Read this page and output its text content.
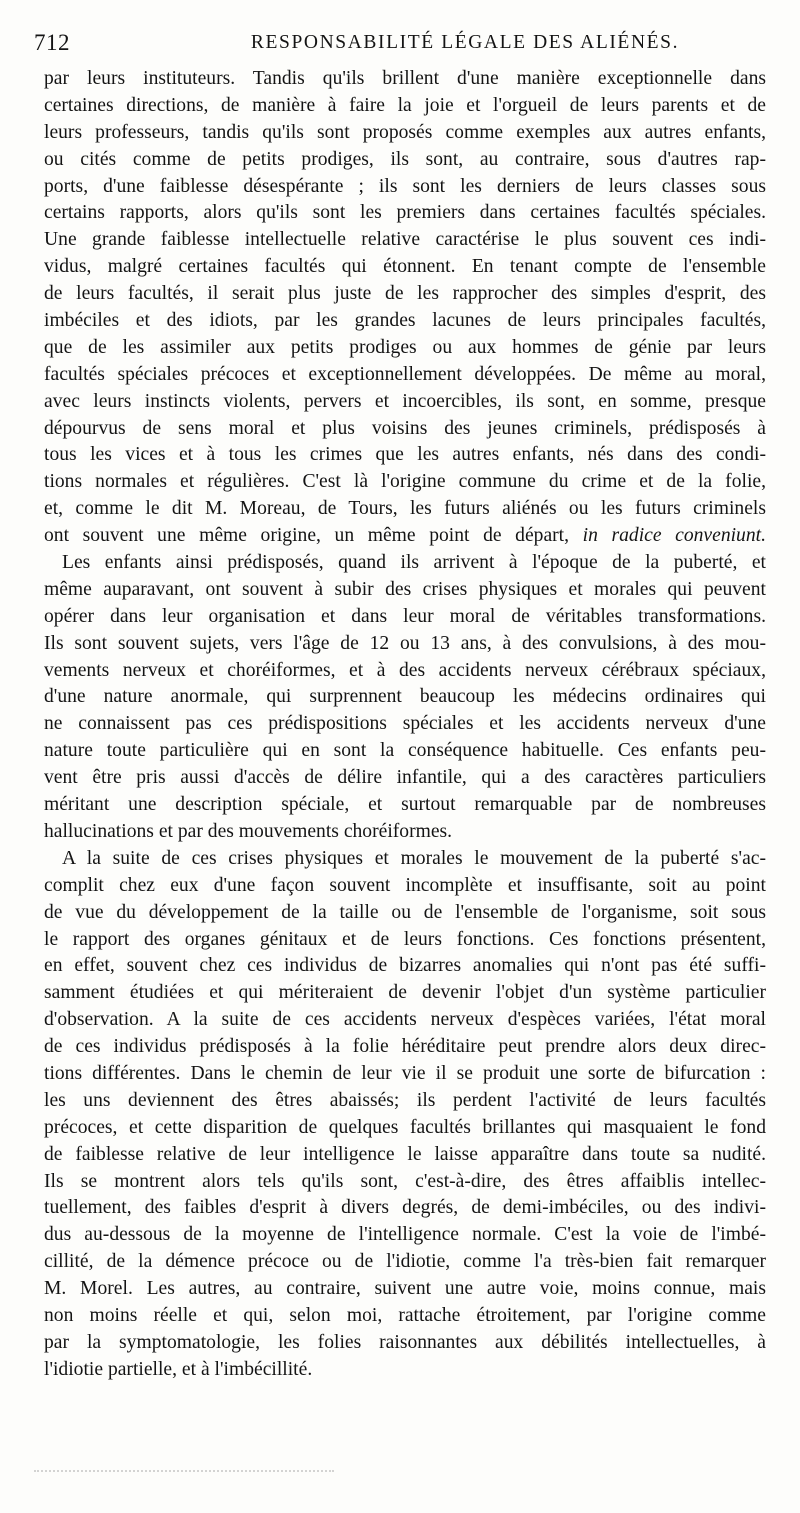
712	RESPONSABILITÉ LÉGALE DES ALIÉNÉS.
par leurs instituteurs. Tandis qu'ils brillent d'une manière exceptionnelle dans
certaines directions, de manière à faire la joie et l'orgueil de leurs parents et de
leurs professeurs, tandis qu'ils sont proposés comme exemples aux autres enfants,
ou cités comme de petits prodiges, ils sont, au contraire, sous d'autres rap-
ports, d'une faiblesse désespérante ; ils sont les derniers de leurs classes sous
certains rapports, alors qu'ils sont les premiers dans certaines facultés spéciales.
Une grande faiblesse intellectuelle relative caractérise le plus souvent ces indi-
vidus, malgré certaines facultés qui étonnent. En tenant compte de l'ensemble
de leurs facultés, il serait plus juste de les rapprocher des simples d'esprit, des
imbéciles et des idiots, par les grandes lacunes de leurs principales facultés,
que de les assimiler aux petits prodiges ou aux hommes de génie par leurs
facultés spéciales précoces et exceptionnellement développées. De même au moral,
avec leurs instincts violents, pervers et incoercibles, ils sont, en somme, presque
dépourvus de sens moral et plus voisins des jeunes criminels, prédisposés à
tous les vices et à tous les crimes que les autres enfants, nés dans des condi-
tions normales et régulières. C'est là l'origine commune du crime et de la folie,
et, comme le dit M. Moreau, de Tours, les futurs aliénés ou les futurs criminels
ont souvent une même origine, un même point de départ, in radice conveniunt.
Les enfants ainsi prédisposés, quand ils arrivent à l'époque de la puberté, et
même auparavant, ont souvent à subir des crises physiques et morales qui peuvent
opérer dans leur organisation et dans leur moral de véritables transformations.
Ils sont souvent sujets, vers l'âge de 12 ou 13 ans, à des convulsions, à des mou-
vements nerveux et choréiformes, et à des accidents nerveux cérébraux spéciaux,
d'une nature anormale, qui surprennent beaucoup les médecins ordinaires qui
ne connaissent pas ces prédispositions spéciales et les accidents nerveux d'une
nature toute particulière qui en sont la conséquence habituelle. Ces enfants peu-
vent être pris aussi d'accès de délire infantile, qui a des caractères particuliers
méritant une description spéciale, et surtout remarquable par de nombreuses
hallucinations et par des mouvements choréiformes.
A la suite de ces crises physiques et morales le mouvement de la puberté s'ac-
complit chez eux d'une façon souvent incomplète et insuffisante, soit au point
de vue du développement de la taille ou de l'ensemble de l'organisme, soit sous
le rapport des organes génitaux et de leurs fonctions. Ces fonctions présentent,
en effet, souvent chez ces individus de bizarres anomalies qui n'ont pas été suffi-
samment étudiées et qui mériteraient de devenir l'objet d'un système particulier
d'observation. A la suite de ces accidents nerveux d'espèces variées, l'état moral
de ces individus prédisposés à la folie héréditaire peut prendre alors deux direc-
tions différentes. Dans le chemin de leur vie il se produit une sorte de bifurcation :
les uns deviennent des êtres abaissés; ils perdent l'activité de leurs facultés
précoces, et cette disparition de quelques facultés brillantes qui masquaient le fond
de faiblesse relative de leur intelligence le laisse apparaître dans toute sa nudité.
Ils se montrent alors tels qu'ils sont, c'est-à-dire, des êtres affaiblis intellec-
tuellement, des faibles d'esprit à divers degrés, de demi-imbéciles, ou des indivi-
dus au-dessous de la moyenne de l'intelligence normale. C'est la voie de l'imbé-
cillité, de la démence précoce ou de l'idiotie, comme l'a très-bien fait remarquer
M. Morel. Les autres, au contraire, suivent une autre voie, moins connue, mais
non moins réelle et qui, selon moi, rattache étroitement, par l'origine comme
par la symptomatologie, les folies raisonnantes aux débilités intellectuelles, à
l'idiotie partielle, et à l'imbécillité.
